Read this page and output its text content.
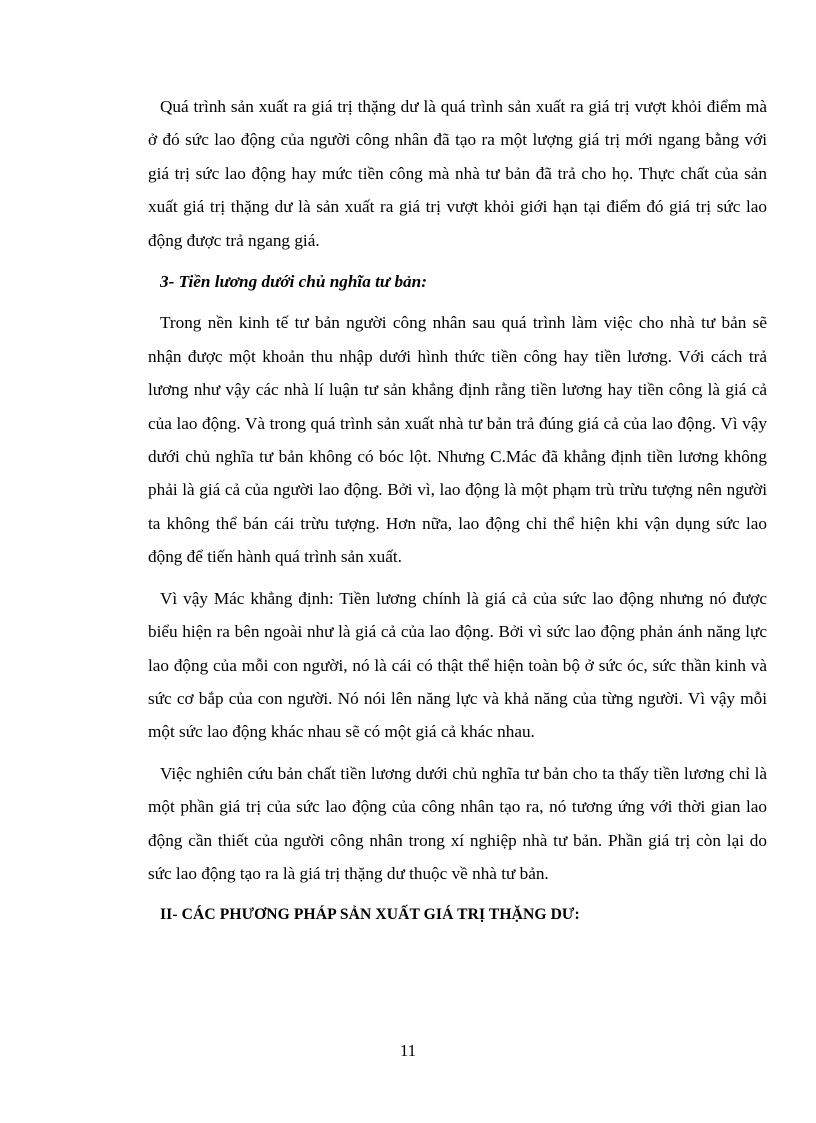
Quá trình sản xuất ra giá trị thặng dư là quá trình sản xuất ra giá trị vượt khỏi điểm mà ở đó sức lao động của người công nhân đã tạo ra một lượng giá trị mới ngang bằng với giá trị sức lao động hay mức tiền công mà nhà tư bản đã trả cho họ. Thực chất của sản xuất giá trị thặng dư là sản xuất ra giá trị vượt khỏi giới hạn tại điểm đó giá trị sức lao động được trả ngang giá.

3- Tiền lương dưới chủ nghĩa tư bản:

Trong nền kinh tế tư bản người công nhân sau quá trình làm việc cho nhà tư bản sẽ nhận được một khoản thu nhập dưới hình thức tiền công hay tiền lương. Với cách trả lương như vậy các nhà lí luận tư sản khẳng định rằng tiền lương hay tiền công là giá cả của lao động. Và trong quá trình sản xuất nhà tư bản trả đúng giá cả của lao động. Vì vậy dưới chủ nghĩa tư bản không có bóc lột. Nhưng C.Mác đã khẳng định tiền lương không phải là giá cả của người lao động. Bởi vì, lao động là một phạm trù trừu tượng nên người ta không thể bán cái trừu tượng. Hơn nữa, lao động chỉ thể hiện khi vận dụng sức lao động để tiến hành quá trình sản xuất.

Vì vậy Mác khẳng định: Tiền lương chính là giá cả của sức lao động nhưng nó được biểu hiện ra bên ngoài như là giá cả của lao động. Bởi vì sức lao động phản ánh năng lực lao động của mỗi con người, nó là cái có thật thể hiện toàn bộ ở sức óc, sức thần kinh và sức cơ bắp của con người. Nó nói lên năng lực và khả năng của từng người. Vì vậy mỗi một sức lao động khác nhau sẽ có một giá cả khác nhau.

Việc nghiên cứu bản chất tiền lương dưới chủ nghĩa tư bản cho ta thấy tiền lương chỉ là một phần giá trị của sức lao động của công nhân tạo ra, nó tương ứng với thời gian lao động cần thiết của người công nhân trong xí nghiệp nhà tư bản. Phần giá trị còn lại do sức lao động tạo ra là giá trị thặng dư thuộc về nhà tư bản.

II- CÁC PHƯƠNG PHÁP SẢN XUẤT GIÁ TRỊ THẶNG DƯ:

11
